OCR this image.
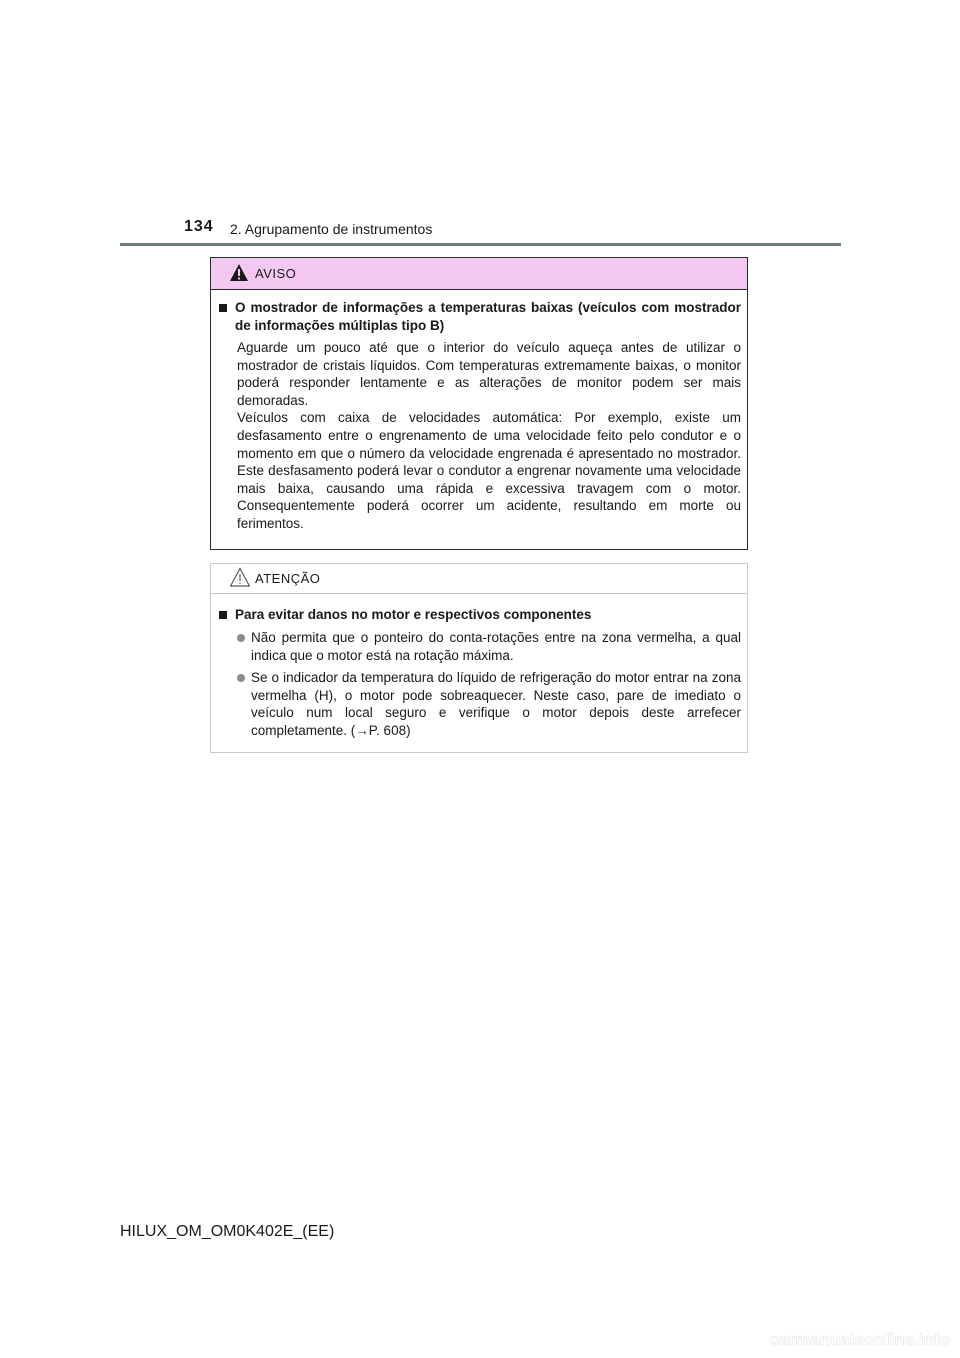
134 2. Agrupamento de instrumentos
AVISO
O mostrador de informações a temperaturas baixas (veículos com mostrador de informações múltiplas tipo B)
Aguarde um pouco até que o interior do veículo aqueça antes de utilizar o mostrador de cristais líquidos. Com temperaturas extremamente baixas, o monitor poderá responder lentamente e as alterações de monitor podem ser mais demoradas.
Veículos com caixa de velocidades automática: Por exemplo, existe um desfasamento entre o engrenamento de uma velocidade feito pelo condutor e o momento em que o número da velocidade engrenada é apresentado no mostrador. Este desfasamento poderá levar o condutor a engrenar novamente uma velocidade mais baixa, causando uma rápida e excessiva travagem com o motor. Consequentemente poderá ocorrer um acidente, resultando em morte ou ferimentos.
ATENÇÃO
Para evitar danos no motor e respectivos componentes
Não permita que o ponteiro do conta-rotações entre na zona vermelha, a qual indica que o motor está na rotação máxima.
Se o indicador da temperatura do líquido de refrigeração do motor entrar na zona vermelha (H), o motor pode sobreaquecer. Neste caso, pare de imediato o veículo num local seguro e verifique o motor depois deste arrefecer completamente. (→P. 608)
HILUX_OM_OM0K402E_(EE)
carmanualsonline.info
